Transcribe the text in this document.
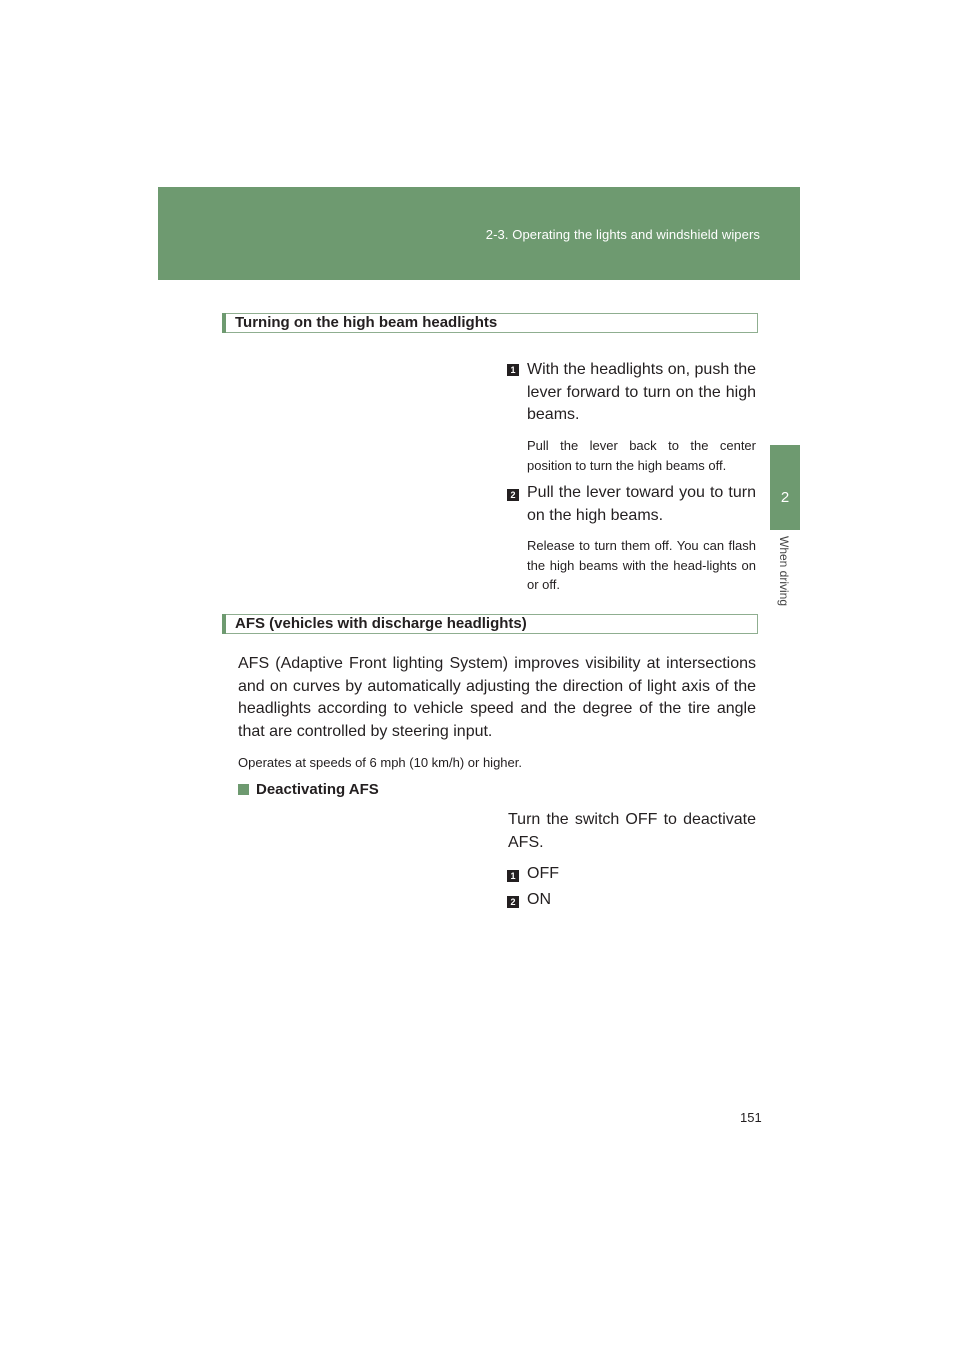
2-3. Operating the lights and windshield wipers
2
When driving
Turning on the high beam headlights
1 With the headlights on, push the lever forward to turn on the high beams.
Pull the lever back to the center position to turn the high beams off.
2 Pull the lever toward you to turn on the high beams.
Release to turn them off. You can flash the high beams with the head-lights on or off.
AFS (vehicles with discharge headlights)
AFS (Adaptive Front lighting System) improves visibility at intersections and on curves by automatically adjusting the direction of light axis of the headlights according to vehicle speed and the degree of the tire angle that are controlled by steering input.
Operates at speeds of 6 mph (10 km/h) or higher.
Deactivating AFS
Turn the switch OFF to deactivate AFS.
1 OFF
2 ON
151
